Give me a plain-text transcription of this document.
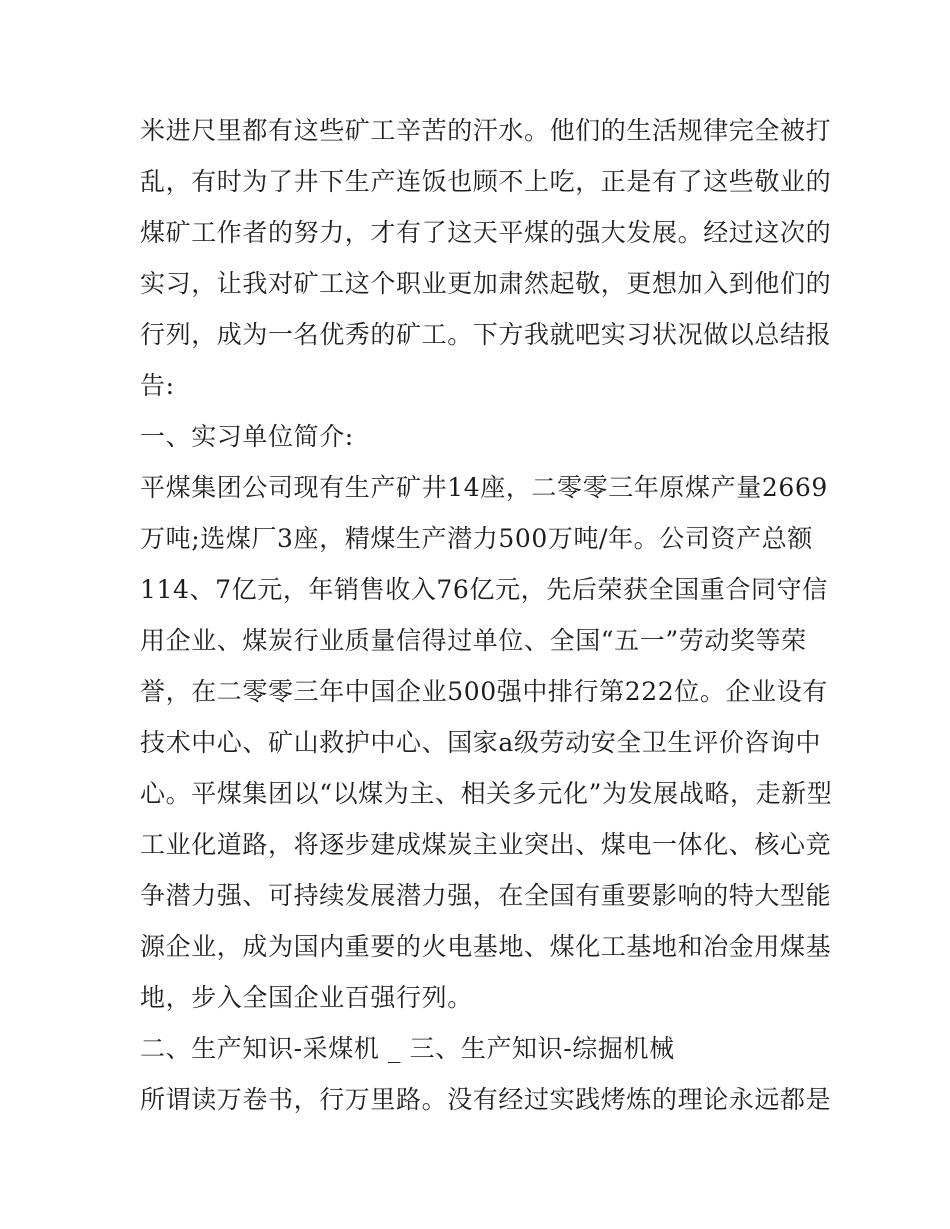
米进尺里都有这些矿工辛苦的汗水。他们的生活规律完全被打
乱，有时为了井下生产连饭也顾不上吃，正是有了这些敬业的
煤矿工作者的努力，才有了这天平煤的强大发展。经过这次的
实习，让我对矿工这个职业更加肃然起敬，更想加入到他们的
行列，成为一名优秀的矿工。下方我就吧实习状况做以总结报
告:
一、实习单位简介:
平煤集团公司现有生产矿井14座，二零零三年原煤产量2669
万吨;选煤厂3座，精煤生产潜力500万吨/年。公司资产总额
114、7亿元，年销售收入76亿元，先后荣获全国重合同守信
用企业、煤炭行业质量信得过单位、全国“五一”劳动奖等荣
誉，在二零零三年中国企业500强中排行第222位。企业设有
技术中心、矿山救护中心、国家a级劳动安全卫生评价咨询中
心。平煤集团以“以煤为主、相关多元化”为发展战略，走新型
工业化道路，将逐步建成煤炭主业突出、煤电一体化、核心竞
争潜力强、可持续发展潜力强，在全国有重要影响的特大型能
源企业，成为国内重要的火电基地、煤化工基地和冶金用煤基
地，步入全国企业百强行列。
二、生产知识-采煤机 _ 三、生产知识-综掘机械
所谓读万卷书，行万里路。没有经过实践烤炼的理论永远都是
